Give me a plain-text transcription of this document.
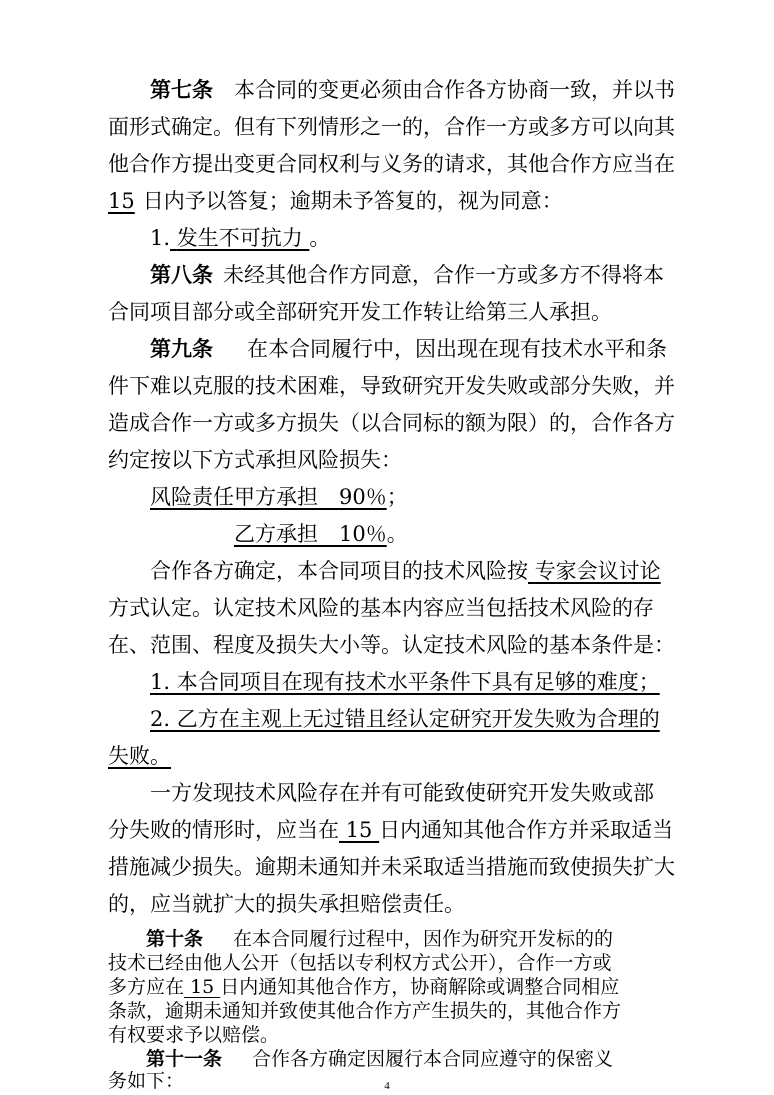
第七条 本合同的变更必须由合作各方协商一致，并以书
面形式确定。但有下列情形之一的，合作一方或多方可以向其
他合作方提出变更合同权利与义务的请求，其他合作方应当在
15 日内予以答复；逾期未予答复的，视为同意：
1. 发生不可抗力 。
第八条 未经其他合作方同意，合作一方或多方不得将本
合同项目部分或全部研究开发工作转让给第三人承担。
第九条 在本合同履行中，因出现在现有技术水平和条
件下难以克服的技术困难，导致研究开发失败或部分失败，并
造成合作一方或多方损失（以合同标的额为限）的，合作各方
约定按以下方式承担风险损失：
风险责任甲方承担　90％；
乙方承担　10％。
合作各方确定，本合同项目的技术风险按 专家会议讨论
方式认定。认定技术风险的基本内容应当包括技术风险的存
在、范围、程度及损失大小等。认定技术风险的基本条件是：
1. 本合同项目在现有技术水平条件下具有足够的难度；
2. 乙方在主观上无过错且经认定研究开发失败为合理的
失败。
一方发现技术风险存在并有可能致使研究开发失败或部
分失败的情形时，应当在 15 日内通知其他合作方并采取适当
措施减少损失。逾期未通知并未采取适当措施而致使损失扩大
的，应当就扩大的损失承担赔偿责任。
第十条 在本合同履行过程中，因作为研究开发标的的
技术已经由他人公开（包括以专利权方式公开），合作一方或
多方应在 15 日内通知其他合作方，协商解除或调整合同相应
条款，逾期未通知并致使其他合作方产生损失的，其他合作方
有权要求予以赔偿。
第十一条 合作各方确定因履行本合同应遵守的保密义
务如下：	4
